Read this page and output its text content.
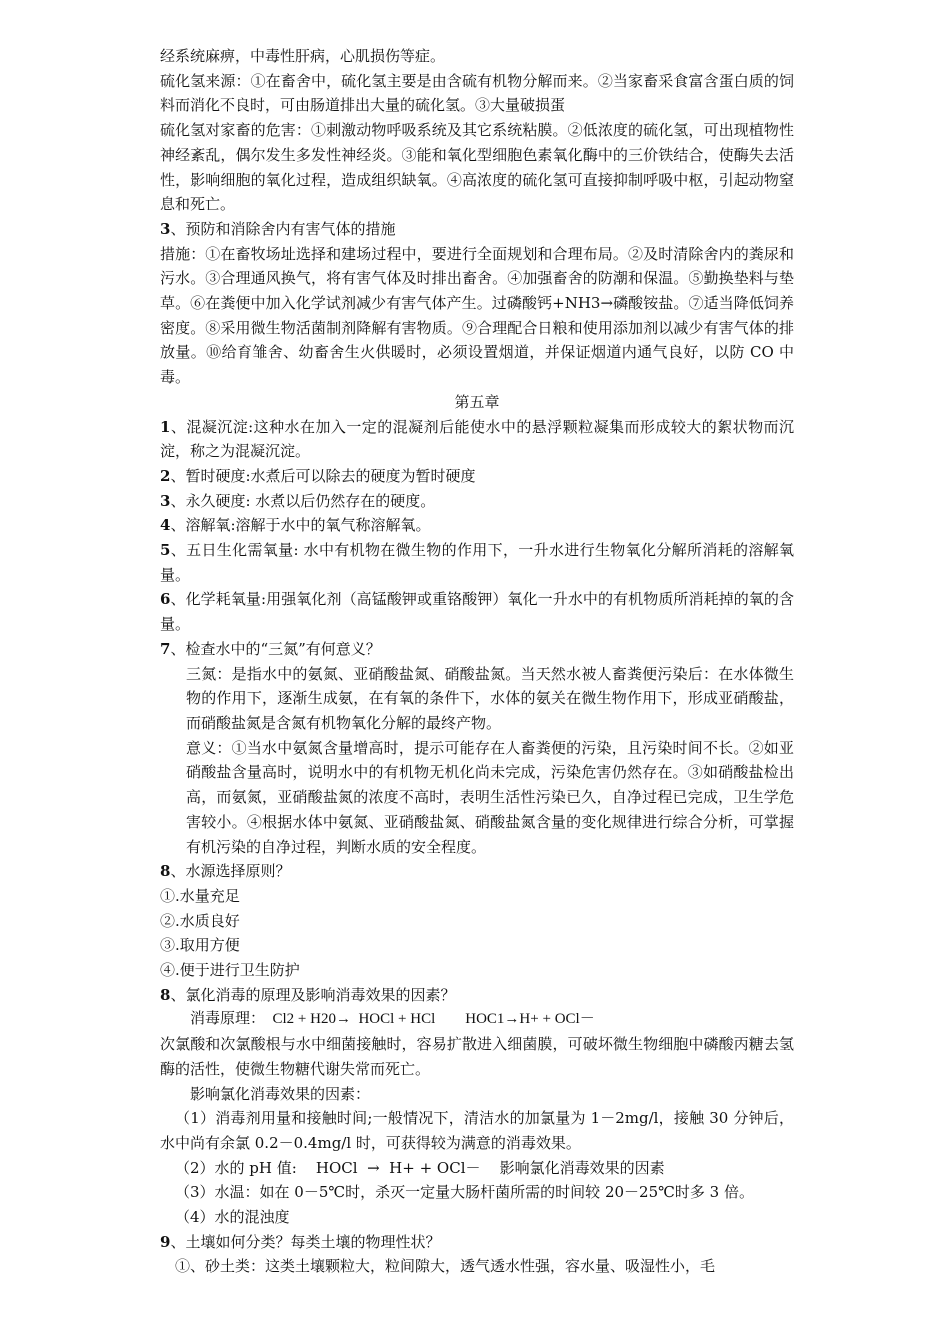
经系统麻痹，中毒性肝病，心肌损伤等症。

硫化氢来源：①在畜舍中，硫化氢主要是由含硫有机物分解而来。②当家畜采食富含蛋白质的饲料而消化不良时，可由肠道排出大量的硫化氢。③大量破损蛋

硫化氢对家畜的危害：①刺激动物呼吸系统及其它系统粘膜。②低浓度的硫化氢，可出现植物性神经紊乱，偶尔发生多发性神经炎。③能和氧化型细胞色素氧化酶中的三价铁结合，使酶失去活性，影响细胞的氧化过程，造成组织缺氧。④高浓度的硫化氢可直接抑制呼吸中枢，引起动物窒息和死亡。

3、预防和消除舍内有害气体的措施

措施：①在畜牧场址选择和建场过程中，要进行全面规划和合理布局。②及时清除舍内的粪尿和污水。③合理通风换气，将有害气体及时排出畜舍。④加强畜舍的防潮和保温。⑤勤换垫料与垫草。⑥在粪便中加入化学试剂减少有害气体产生。过磷酸钙+NH3→磷酸铵盐。⑦适当降低饲养密度。⑧采用微生物活菌制剂降解有害物质。⑨合理配合日粮和使用添加剂以减少有害气体的排放量。⑩给育雏舍、幼畜舍生火供暖时，必须设置烟道，并保证烟道内通气良好，以防 CO 中毒。

第五章

1、混凝沉淀:这种水在加入一定的混凝剂后能使水中的悬浮颗粒凝集而形成较大的絮状物而沉淀，称之为混凝沉淀。

2、暂时硬度:水煮后可以除去的硬度为暂时硬度

3、永久硬度: 水煮以后仍然存在的硬度。

4、溶解氧:溶解于水中的氧气称溶解氧。

5、五日生化需氧量: 水中有机物在微生物的作用下，一升水进行生物氧化分解所消耗的溶解氧量。

6、化学耗氧量:用强氧化剂（高锰酸钾或重铬酸钾）氧化一升水中的有机物质所消耗掉的氧的含量。

7、检查水中的“三氮”有何意义？

三氮：是指水中的氨氮、亚硝酸盐氮、硝酸盐氮。当天然水被人畜粪便污染后：在水体微生物的作用下，逐渐生成氨，在有氧的条件下，水体的氨关在微生物作用下，形成亚硝酸盐，而硝酸盐氮是含氮有机物氧化分解的最终产物。

意义：①当水中氨氮含量增高时，提示可能存在人畜粪便的污染，且污染时间不长。②如亚硝酸盐含量高时，说明水中的有机物无机化尚未完成，污染危害仍然存在。③如硝酸盐检出高，而氨氮，亚硝酸盐氮的浓度不高时，表明生活性污染已久，自净过程已完成，卫生学危害较小。④根据水体中氨氮、亚硝酸盐氮、硝酸盐氮含量的变化规律进行综合分析，可掌握有机污染的自净过程，判断水质的安全程度。

8、水源选择原则？

①.水量充足

②.水质良好

③.取用方便

④.便于进行卫生防护

8、氯化消毒的原理及影响消毒效果的因素？

消毒原理：  Cl2 + H20→  HOCl + HCl        HOC1→H+ + OCl－

次氯酸和次氯酸根与水中细菌接触时，容易扩散进入细菌膜，可破坏微生物细胞中磷酸丙糖去氢酶的活性，使微生物糖代谢失常而死亡。

影响氯化消毒效果的因素：

（1）消毒剂用量和接触时间;一般情况下，清洁水的加氯量为 1－2mg/l，接触 30 分钟后，水中尚有余氯 0.2－0.4mg/l 时，可获得较为满意的消毒效果。

（2）水的 pH 值:    HOCl  →  H+ + OCl－    影响氯化消毒效果的因素

（3）水温：如在 0－5℃时，杀灭一定量大肠杆菌所需的时间较 20－25℃时多 3 倍。

（4）水的混浊度

9、土壤如何分类？每类土壤的物理性状？

①、砂土类：这类土壤颗粒大，粒间隙大，透气透水性强，容水量、吸湿性小，毛
